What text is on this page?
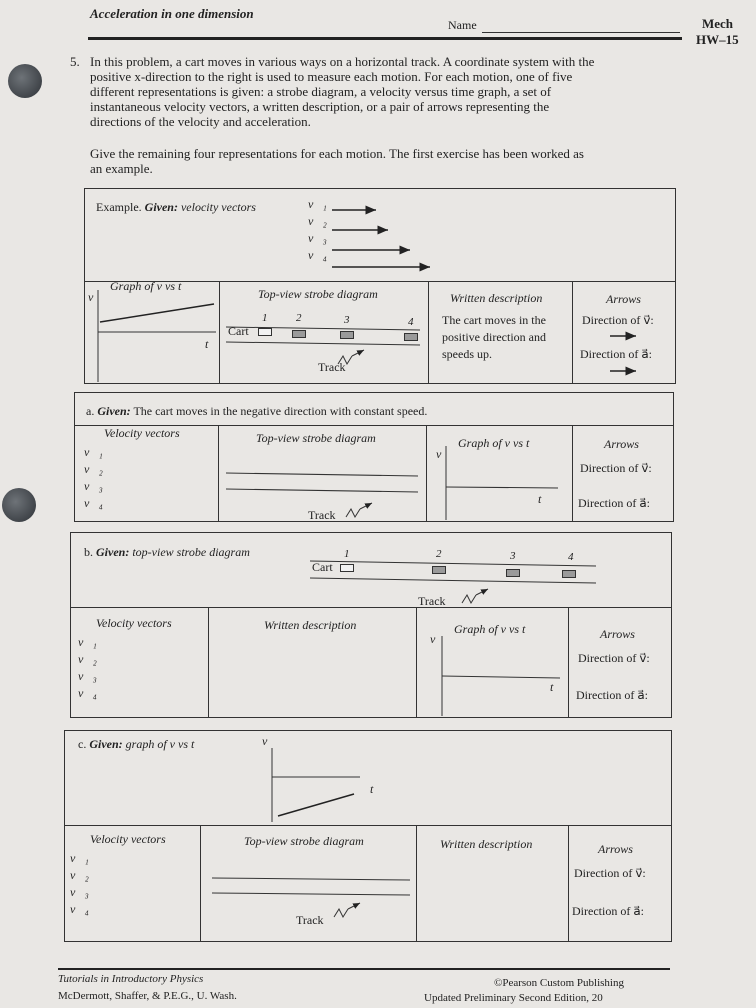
Acceleration in one dimension
Name	Mech
HW–15
5. In this problem, a cart moves in various ways on a horizontal track. A coordinate system with the
positive x-direction to the right is used to measure each motion. For each motion, one of five
different representations is given: a strobe diagram, a velocity versus time graph, a set of
instantaneous velocity vectors, a written description, or a pair of arrows representing the
directions of the velocity and acceleration.
Give the remaining four representations for each motion. The first exercise has been worked as
an example.
Example. Given: velocity vectors	v⃗₁
v⃗₂
v⃗₃
v⃗₄
Graph of v vs t
v
t
Top-view strobe diagram
1	2	3	4
Cart
Track
Written description
The cart moves in the
positive direction and
speeds up.
Arrows
Direction of v⃗:
Direction of a⃗:
a. Given: The cart moves in the negative direction with constant speed.
Velocity vectors
v⃗₁
v⃗₂
v⃗₃
v⃗₄
Top-view strobe diagram
Track
Graph of v vs t
v
t
Arrows
Direction of v⃗:
Direction of a⃗:
b. Given: top-view strobe diagram	1	2	3	4
Cart
Track
Velocity vectors
v⃗₁
v⃗₂
v⃗₃
v⃗₄
Written description	Graph of v vs t
v
t
Arrows
Direction of v⃗:
Direction of a⃗:
c. Given: graph of v vs t	v
t
Velocity vectors
v⃗₁
v⃗₂
v⃗₃
v⃗₄
Top-view strobe diagram
Track
Written description	Arrows
Direction of v⃗:
Direction of a⃗:
Tutorials in Introductory Physics
McDermott, Shaffer, & P.E.G., U. Wash.
©Pearson Custom Publishing
Updated Preliminary Second Edition, 20
